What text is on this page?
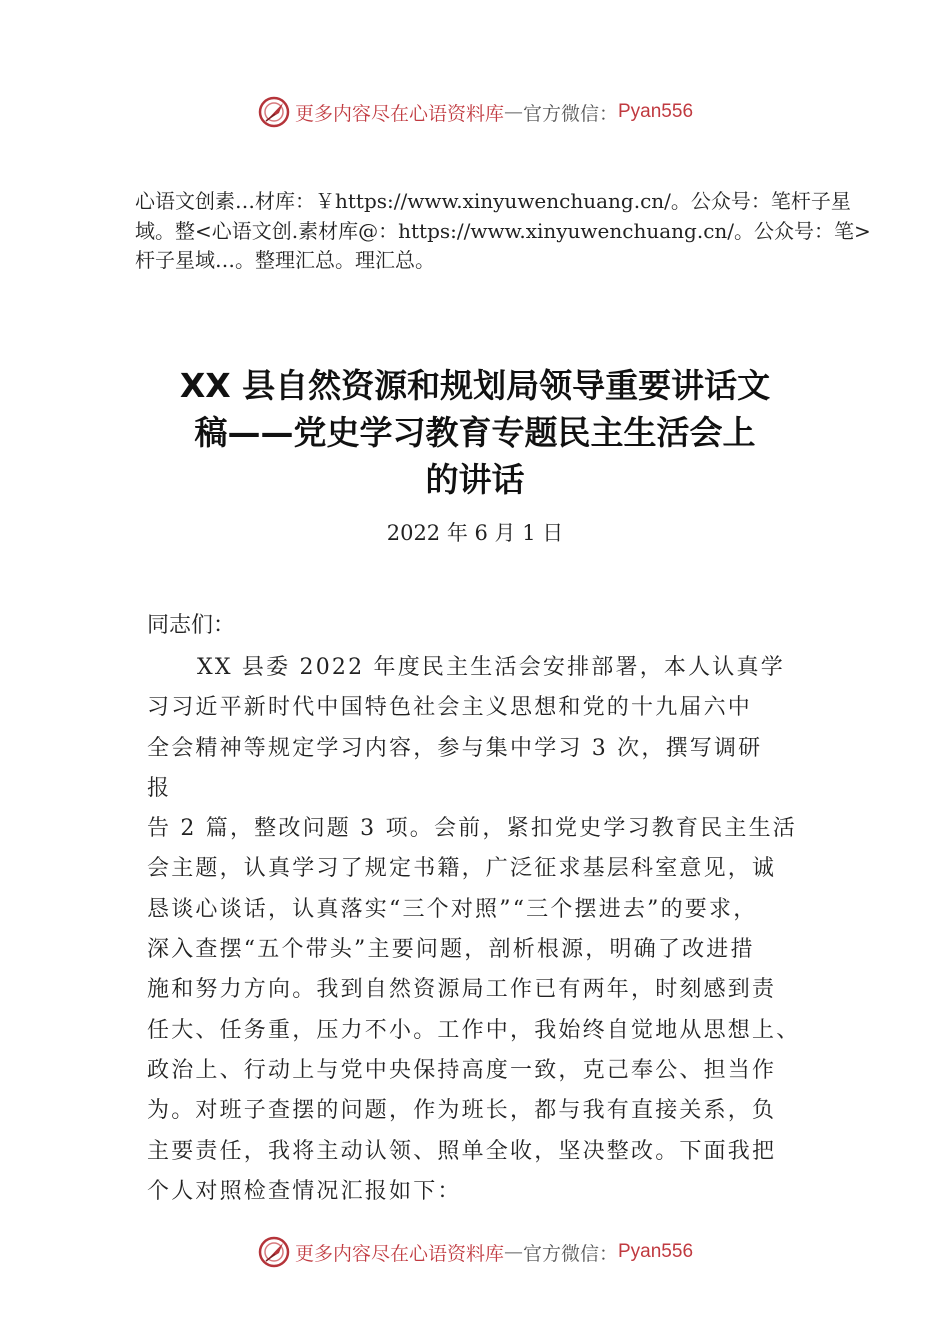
更多内容尽在心语资料库 — 官方微信： Pyan556
心语文创素…材库：￥https://www.xinyuwenchuang.cn/。公众号：笔杆子星域。整<心语文创.素材库@：https://www.xinyuwenchuang.cn/。公众号：笔>杆子星域…。整理汇总。理汇总。
XX 县自然资源和规划局领导重要讲话文
稿——党史学习教育专题民主生活会上
的讲话
2022 年 6 月 1 日
同志们：
XX 县委 2022 年度民主生活会安排部署，本人认真学
习习近平新时代中国特色社会主义思想和党的十九届六中
全会精神等规定学习内容，参与集中学习 3 次，撰写调研
报
告 2 篇，整改问题 3 项。会前，紧扣党史学习教育民主生活
会主题，认真学习了规定书籍，广泛征求基层科室意见，诚
恳谈心谈话，认真落实“三个对照”“三个摆进去”的要求，
深入查摆“五个带头”主要问题，剖析根源，明确了改进措
施和努力方向。我到自然资源局工作已有两年，时刻感到责
任大、任务重，压力不小。工作中，我始终自觉地从思想上、
政治上、行动上与党中央保持高度一致，克己奉公、担当作
为。对班子查摆的问题，作为班长，都与我有直接关系，负
主要责任，我将主动认领、照单全收，坚决整改。下面我把
个人对照检查情况汇报如下：
更多内容尽在心语资料库 — 官方微信： Pyan556
